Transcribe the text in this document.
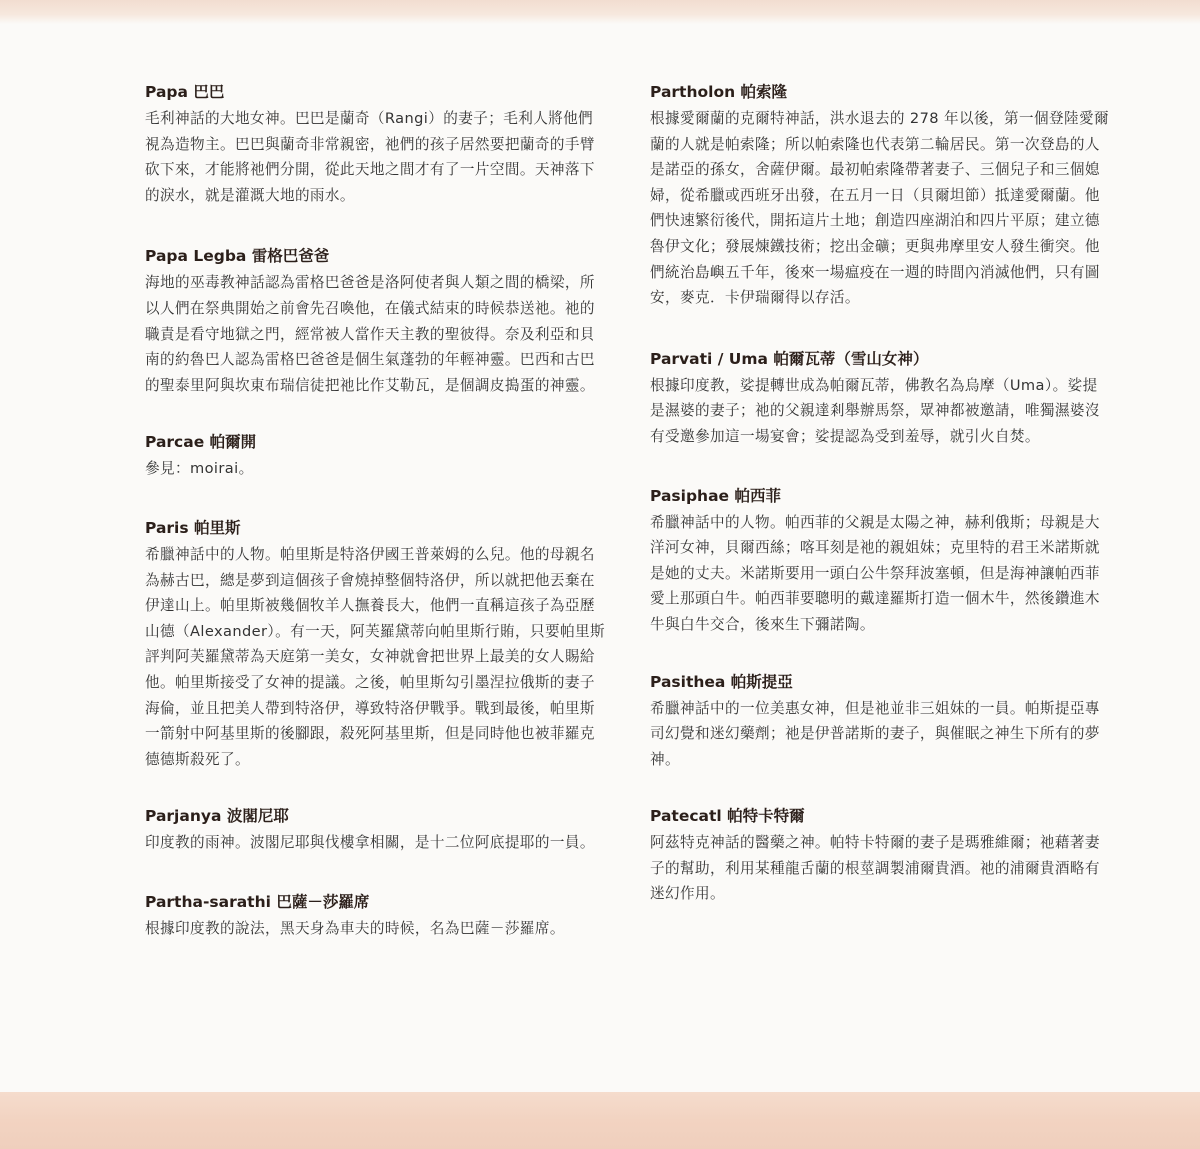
Papa 巴巴

毛利神話的大地女神。巴巴是蘭奇（Rangi）的妻子；毛利人將他們視為造物主。巴巴與蘭奇非常親密，祂們的孩子居然要把蘭奇的手臂砍下來，才能將祂們分開，從此天地之間才有了一片空間。天神落下的淚水，就是灌溉大地的雨水。

Papa Legba 雷格巴爸爸

海地的巫毒教神話認為雷格巴爸爸是洛阿使者與人類之間的橋梁，所以人們在祭典開始之前會先召喚他，在儀式結束的時候恭送祂。祂的職責是看守地獄之門，經常被人當作天主教的聖彼得。奈及利亞和貝南的約魯巴人認為雷格巴爸爸是個生氣蓬勃的年輕神靈。巴西和古巴的聖泰里阿與坎東布瑞信徒把祂比作艾勒瓦，是個調皮搗蛋的神靈。

Parcae 帕爾開

參見：moirai。

Paris 帕里斯

希臘神話中的人物。帕里斯是特洛伊國王普萊姆的么兒。他的母親名為赫古巴，總是夢到這個孩子會燒掉整個特洛伊，所以就把他丟棄在伊達山上。帕里斯被幾個牧羊人撫養長大，他們一直稱這孩子為亞歷山德（Alexander）。有一天，阿芙羅黛蒂向帕里斯行賄，只要帕里斯評判阿芙羅黛蒂為天庭第一美女，女神就會把世界上最美的女人賜給他。帕里斯接受了女神的提議。之後，帕里斯勾引墨涅拉俄斯的妻子海倫，並且把美人帶到特洛伊，導致特洛伊戰爭。戰到最後，帕里斯一箭射中阿基里斯的後腳跟，殺死阿基里斯，但是同時他也被菲羅克德德斯殺死了。

Parjanya 波閣尼耶

印度教的雨神。波閣尼耶與伐樓拿相關，是十二位阿底提耶的一員。

Partha-sarathi 巴薩－莎羅席

根據印度教的說法，黑天身為車夫的時候，名為巴薩－莎羅席。

Partholon 帕索隆

根據愛爾蘭的克爾特神話，洪水退去的 278 年以後，第一個登陸愛爾蘭的人就是帕索隆；所以帕索隆也代表第二輪居民。第一次登島的人是諾亞的孫女，舍薩伊爾。最初帕索隆帶著妻子、三個兒子和三個媳婦，從希臘或西班牙出發，在五月一日（貝爾坦節）抵達愛爾蘭。他們快速繁衍後代，開拓這片土地；創造四座湖泊和四片平原；建立德魯伊文化；發展煉鐵技術；挖出金礦；更與弗摩里安人發生衝突。他們統治島嶼五千年，後來一場瘟疫在一週的時間內消滅他們，只有圖安，麥克．卡伊瑞爾得以存活。

Parvati / Uma 帕爾瓦蒂（雪山女神）

根據印度教，娑提轉世成為帕爾瓦蒂，佛教名為烏摩（Uma）。娑提是濕婆的妻子；祂的父親達剎舉辦馬祭，眾神都被邀請，唯獨濕婆沒有受邀參加這一場宴會；娑提認為受到羞辱，就引火自焚。

Pasiphae 帕西菲

希臘神話中的人物。帕西菲的父親是太陽之神，赫利俄斯；母親是大洋河女神，貝爾西絲；喀耳刻是祂的親姐妹；克里特的君王米諾斯就是她的丈夫。米諾斯要用一頭白公牛祭拜波塞頓，但是海神讓帕西菲愛上那頭白牛。帕西菲要聰明的戴達羅斯打造一個木牛，然後鑽進木牛與白牛交合，後來生下彌諾陶。

Pasithea 帕斯提亞

希臘神話中的一位美惠女神，但是祂並非三姐妹的一員。帕斯提亞專司幻覺和迷幻藥劑；祂是伊普諾斯的妻子，與催眠之神生下所有的夢神。

Patecatl 帕特卡特爾

阿茲特克神話的醫藥之神。帕特卡特爾的妻子是瑪雅維爾；祂藉著妻子的幫助，利用某種龍舌蘭的根莖調製浦爾貴酒。祂的浦爾貴酒略有迷幻作用。
